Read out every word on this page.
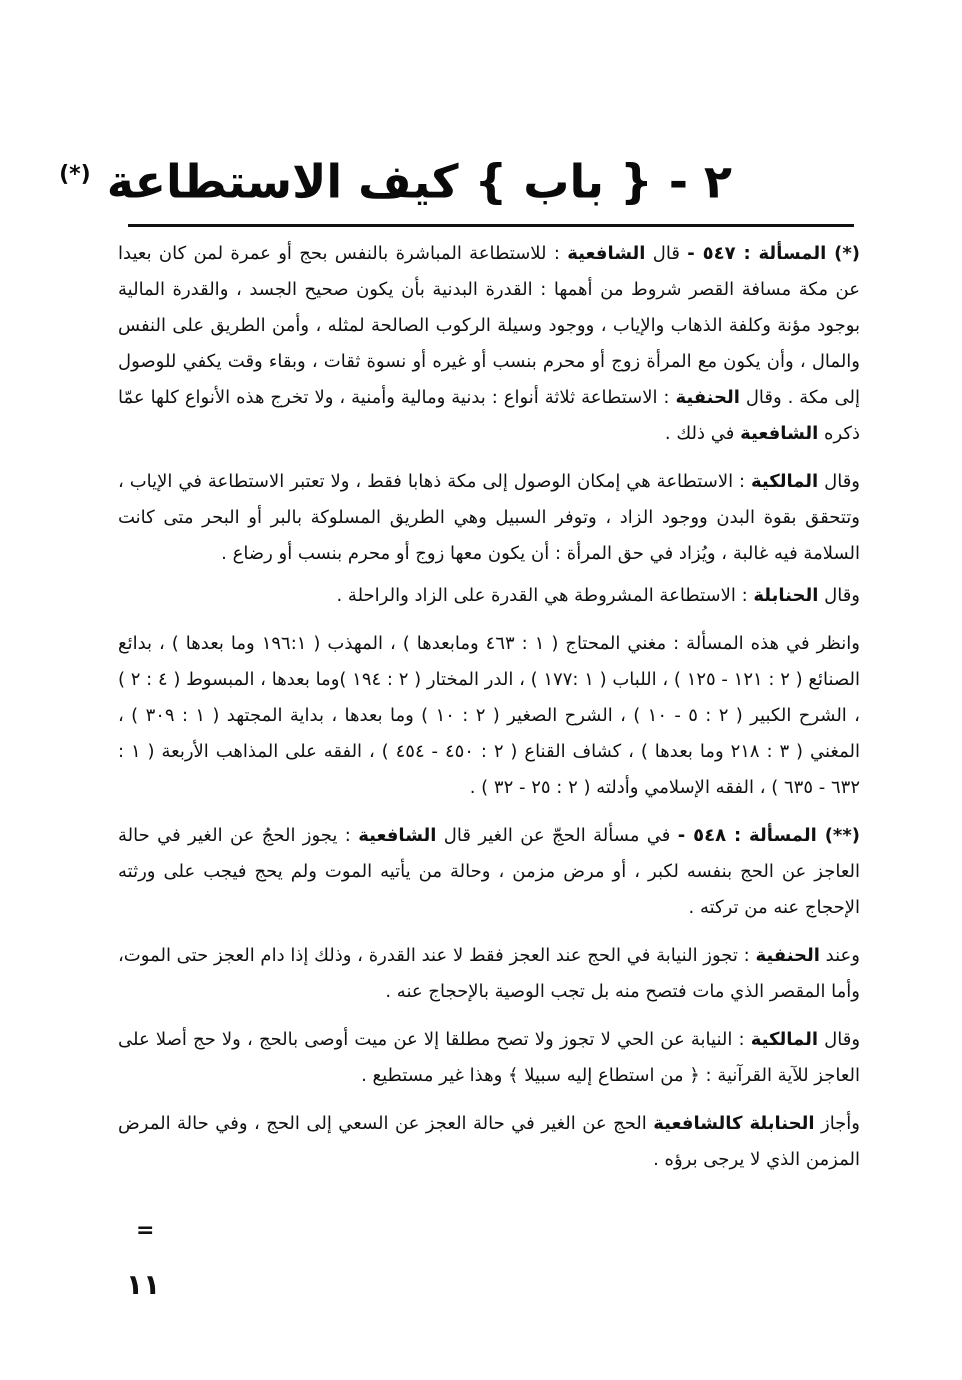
٢ - { باب } كيف الاستطاعة (*)

(*) المسألة : ٥٤٧ - قال الشافعية : للاستطاعة المباشرة بالنفس بحج أو عمرة لمن كان بعيدا عن مكة مسافة القصر شروط من أهمها : القدرة البدنية بأن يكون صحيح الجسد ، والقدرة المالية بوجود مؤنة وكلفة الذهاب والإياب ، ووجود وسيلة الركوب الصالحة لمثله ، وأمن الطريق على النفس والمال ، وأن يكون مع المرأة زوج أو محرم بنسب أو غيره أو نسوة ثقات ، وبقاء وقت يكفي للوصول إلى مكة . وقال الحنفية : الاستطاعة ثلاثة أنواع : بدنية ومالية وأمنية ، ولا تخرج هذه الأنواع كلها عمّا ذكره الشافعية في ذلك .

وقال المالكية : الاستطاعة هي إمكان الوصول إلى مكة ذهابا فقط ، ولا تعتبر الاستطاعة في الإياب ، وتتحقق بقوة البدن ووجود الزاد ، وتوفر السبيل وهي الطريق المسلوكة بالبر أو البحر متى كانت السلامة فيه غالبة ، ويُزاد في حق المرأة : أن يكون معها زوج أو محرم بنسب أو رضاع .

وقال الحنابلة : الاستطاعة المشروطة هي القدرة على الزاد والراحلة .

وانظر في هذه المسألة : مغني المحتاج ( ١ : ٤٦٣ ومابعدها ) ، المهذب ( ١٩٦:١ وما بعدها ) ، بدائع الصنائع ( ٢ : ١٢١ - ١٢٥ ) ، اللباب ( ١ :١٧٧ ) ، الدر المختار ( ٢ : ١٩٤ )وما بعدها ، المبسوط ( ٤ : ٢ ) ، الشرح الكبير ( ٢ : ٥ - ١٠ ) ، الشرح الصغير ( ٢ : ١٠ ) وما بعدها ، بداية المجتهد ( ١ : ٣٠٩ ) ، المغني ( ٣ : ٢١٨ وما بعدها ) ، كشاف القناع ( ٢ : ٤٥٠ - ٤٥٤ ) ، الفقه على المذاهب الأربعة ( ١ : ٦٣٢ - ٦٣٥ ) ، الفقه الإسلامي وأدلته ( ٢ : ٢٥ - ٣٢ ) .

(**) المسألة : ٥٤٨ - في مسألة الحجّ عن الغير قال الشافعية : يجوز الحجُ عن الغير في حالة العاجز عن الحج بنفسه لكبر ، أو مرض مزمن ، وحالة من يأتيه الموت ولم يحج فيجب على ورثته الإحجاج عنه من تركته .

وعند الحنفية : تجوز النيابة في الحج عند العجز فقط لا عند القدرة ، وذلك إذا دام العجز حتى الموت، وأما المقصر الذي مات فتصح منه بل تجب الوصية بالإحجاج عنه .

وقال المالكية : النيابة عن الحي لا تجوز ولا تصح مطلقا إلا عن ميت أوصى بالحج ، ولا حج أصلا على العاجز للآية القرآنية : ﴿ من استطاع إليه سبيلا ﴾ وهذا غير مستطيع .

وأجاز الحنابلة كالشافعية الحج عن الغير في حالة العجز عن السعي إلى الحج ، وفي حالة المرض المزمن الذي لا يرجى برؤه .

=
١١
